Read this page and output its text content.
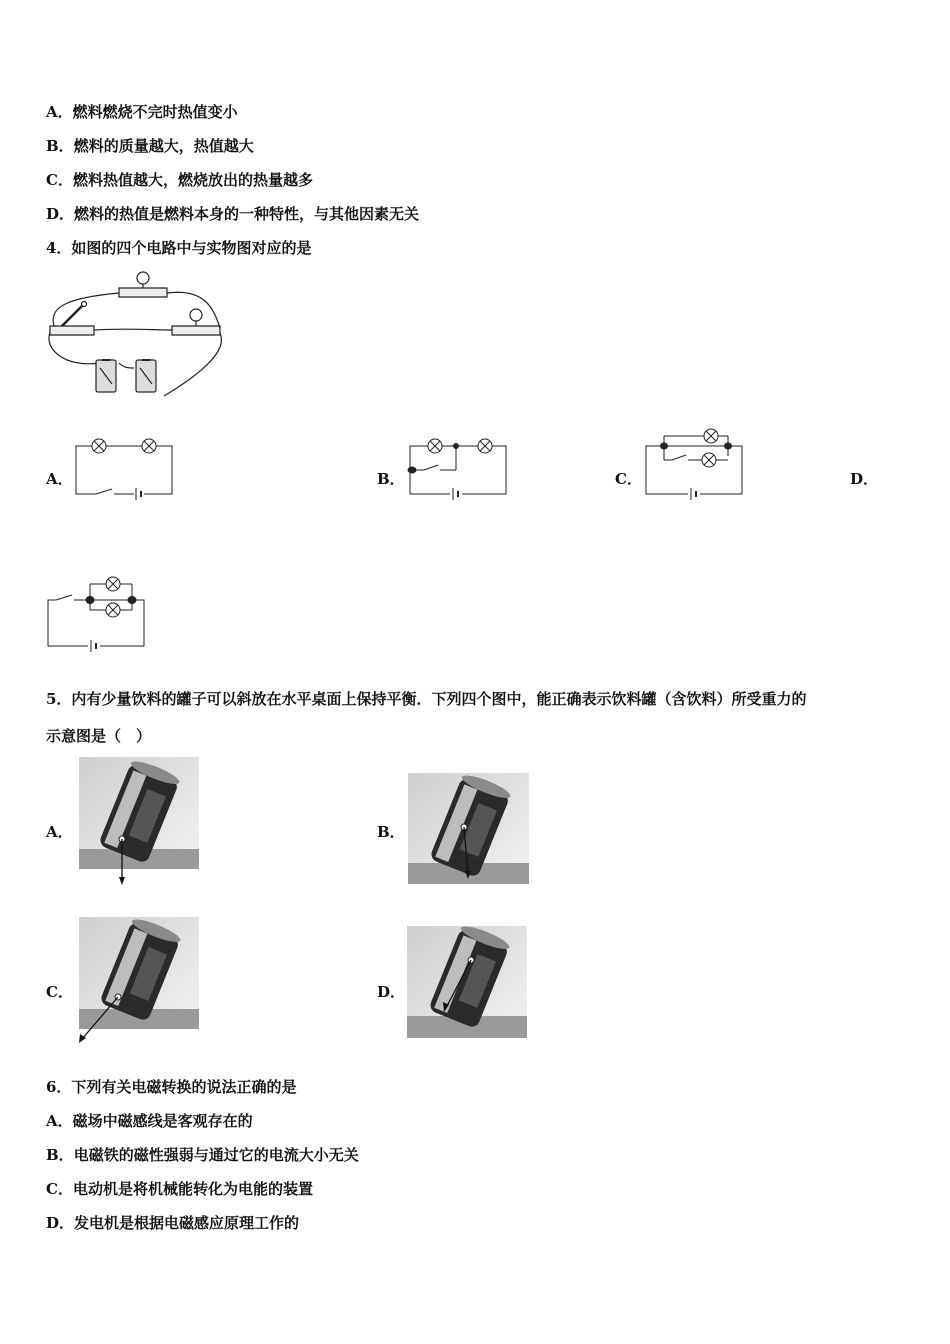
A．燃料燃烧不完时热值变小
B．燃料的质量越大，热值越大
C．燃料热值越大，燃烧放出的热量越多
D．燃料的热值是燃料本身的一种特性，与其他因素无关
4．如图的四个电路中与实物图对应的是
A．	B．	C．	D．
5．内有少量饮料的罐子可以斜放在水平桌面上保持平衡．下列四个图中，能正确表示饮料罐（含饮料）所受重力的
示意图是（　）
A．	B．
C．	D．
6．下列有关电磁转换的说法正确的是
A．磁场中磁感线是客观存在的
B．电磁铁的磁性强弱与通过它的电流大小无关
C．电动机是将机械能转化为电能的装置
D．发电机是根据电磁感应原理工作的
